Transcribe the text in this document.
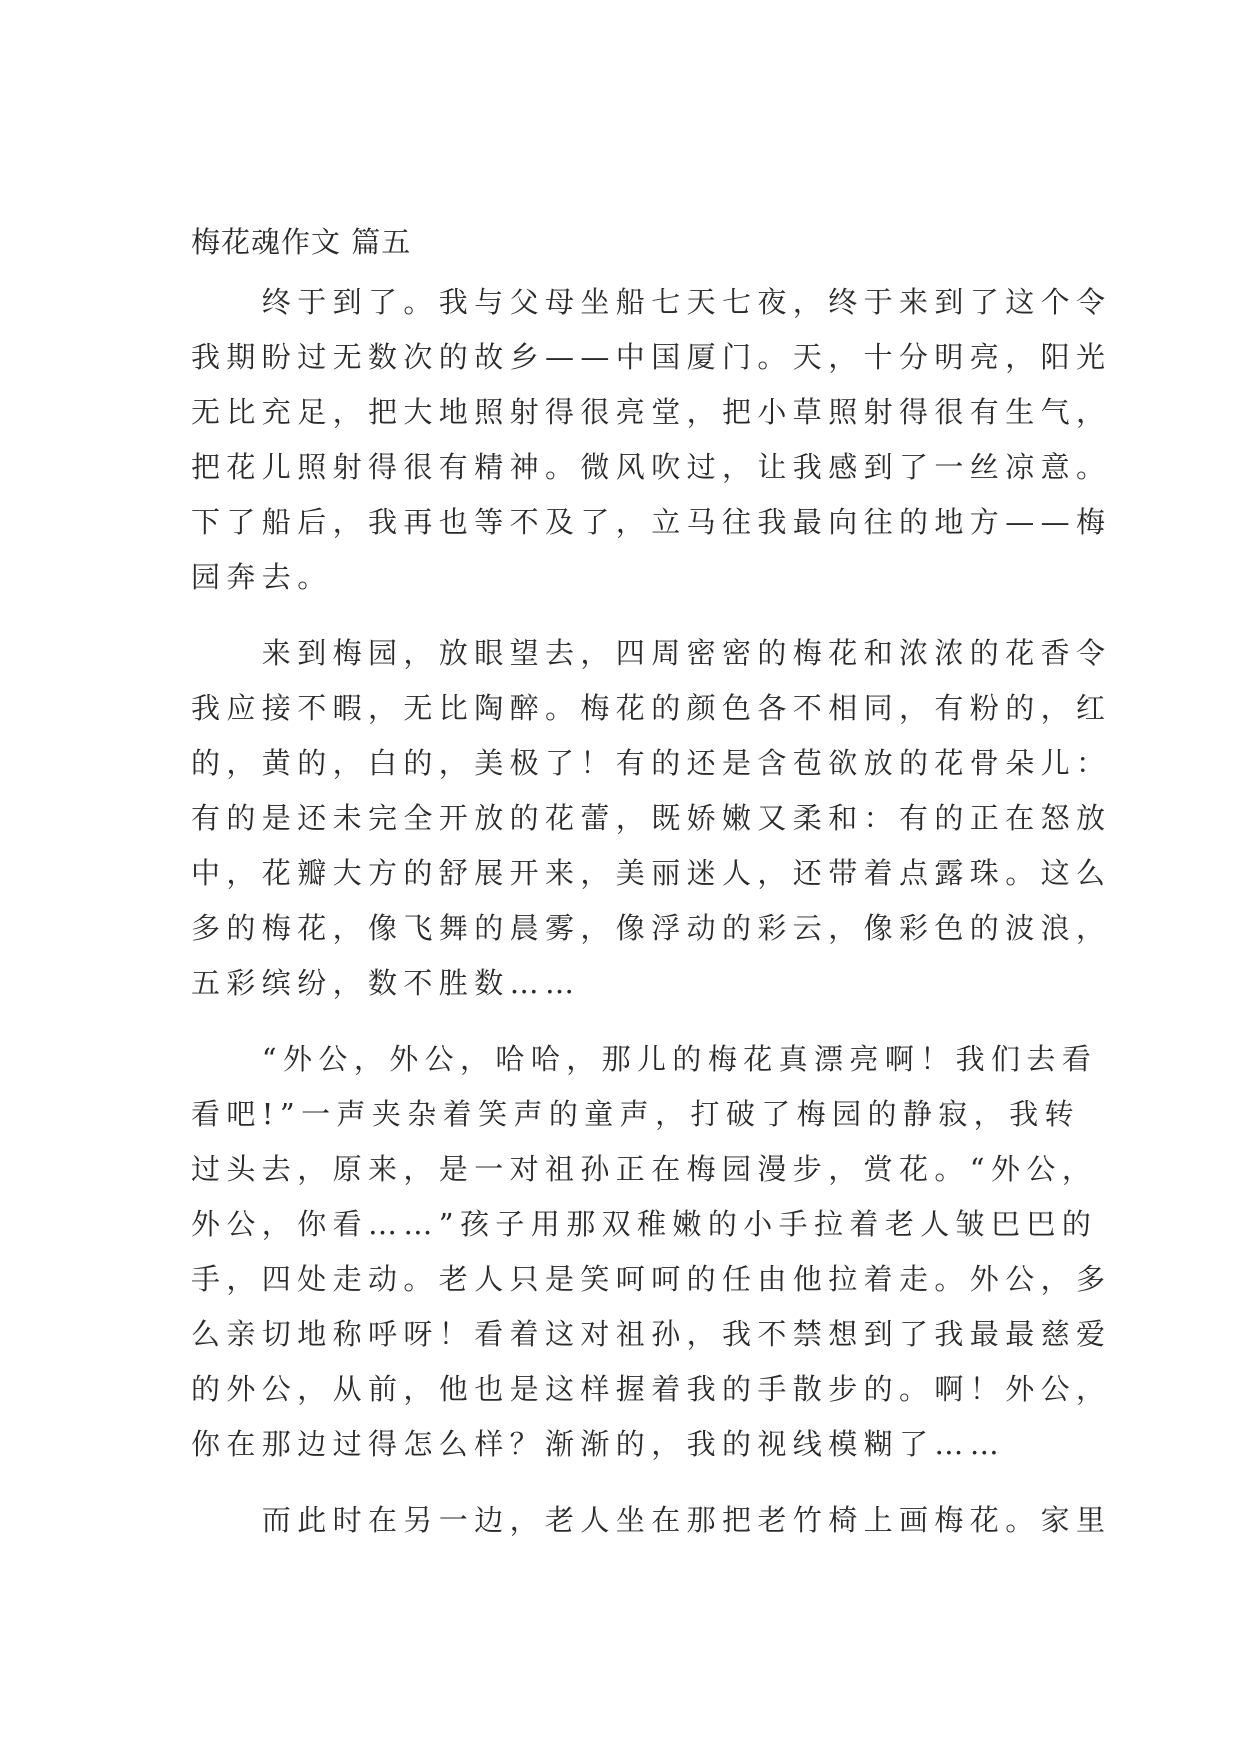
梅花魂作文 篇五
　　终于到了。我与父母坐船七天七夜，终于来到了这个令
我期盼过无数次的故乡——中国厦门。天，十分明亮，阳光
无比充足，把大地照射得很亮堂，把小草照射得很有生气，
把花儿照射得很有精神。微风吹过，让我感到了一丝凉意。
下了船后，我再也等不及了，立马往我最向往的地方——梅
园奔去。
　　来到梅园，放眼望去，四周密密的梅花和浓浓的花香令
我应接不暇，无比陶醉。梅花的颜色各不相同，有粉的，红
的，黄的，白的，美极了！有的还是含苞欲放的花骨朵儿：
有的是还未完全开放的花蕾，既娇嫩又柔和：有的正在怒放
中，花瓣大方的舒展开来，美丽迷人，还带着点露珠。这么
多的梅花，像飞舞的晨雾，像浮动的彩云，像彩色的波浪，
五彩缤纷，数不胜数……
　　“外公，外公，哈哈，那儿的梅花真漂亮啊！我们去看
看吧!”一声夹杂着笑声的童声，打破了梅园的静寂，我转
过头去，原来，是一对祖孙正在梅园漫步，赏花。“外公，
外公，你看……”孩子用那双稚嫩的小手拉着老人皱巴巴的
手，四处走动。老人只是笑呵呵的任由他拉着走。外公，多
么亲切地称呼呀！看着这对祖孙，我不禁想到了我最最慈爱
的外公，从前，他也是这样握着我的手散步的。啊！外公，
你在那边过得怎么样？渐渐的，我的视线模糊了……
　　而此时在另一边，老人坐在那把老竹椅上画梅花。家里
